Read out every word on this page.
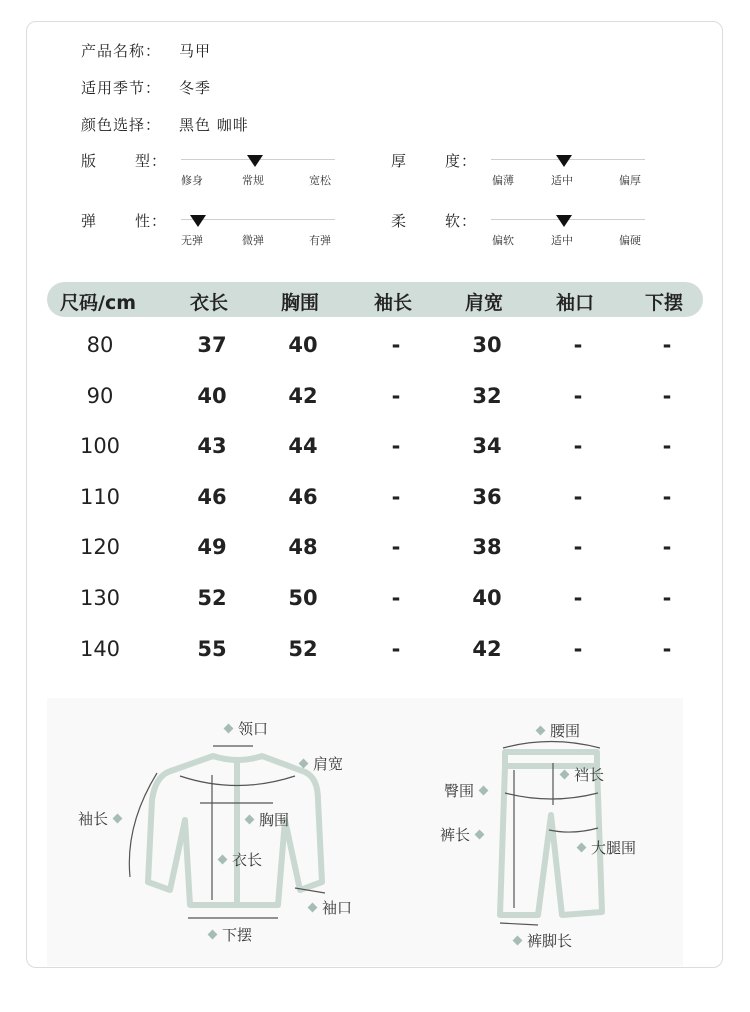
产品名称： 马甲
适用季节： 冬季
颜色选择： 黑色 咖啡
版	型：
修身	常规	宽松
厚	度：
偏薄	适中	偏厚
弹	性：
无弹	微弹	有弹
柔	软：
偏软	适中	偏硬
尺码/cm	衣长	胸围	袖长	肩宽	袖口	下摆
80	37	40	-	30	-	-
90	40	42	-	32	-	-
100	43	44	-	34	-	-
110	46	46	-	36	-	-
120	49	48	-	38	-	-
130	52	50	-	40	-	-
140	55	52	-	42	-	-
领口
肩宽
袖长	胸围
衣长
袖口
下摆
腰围
裆长
臀围
裤长
大腿围
裤脚长
